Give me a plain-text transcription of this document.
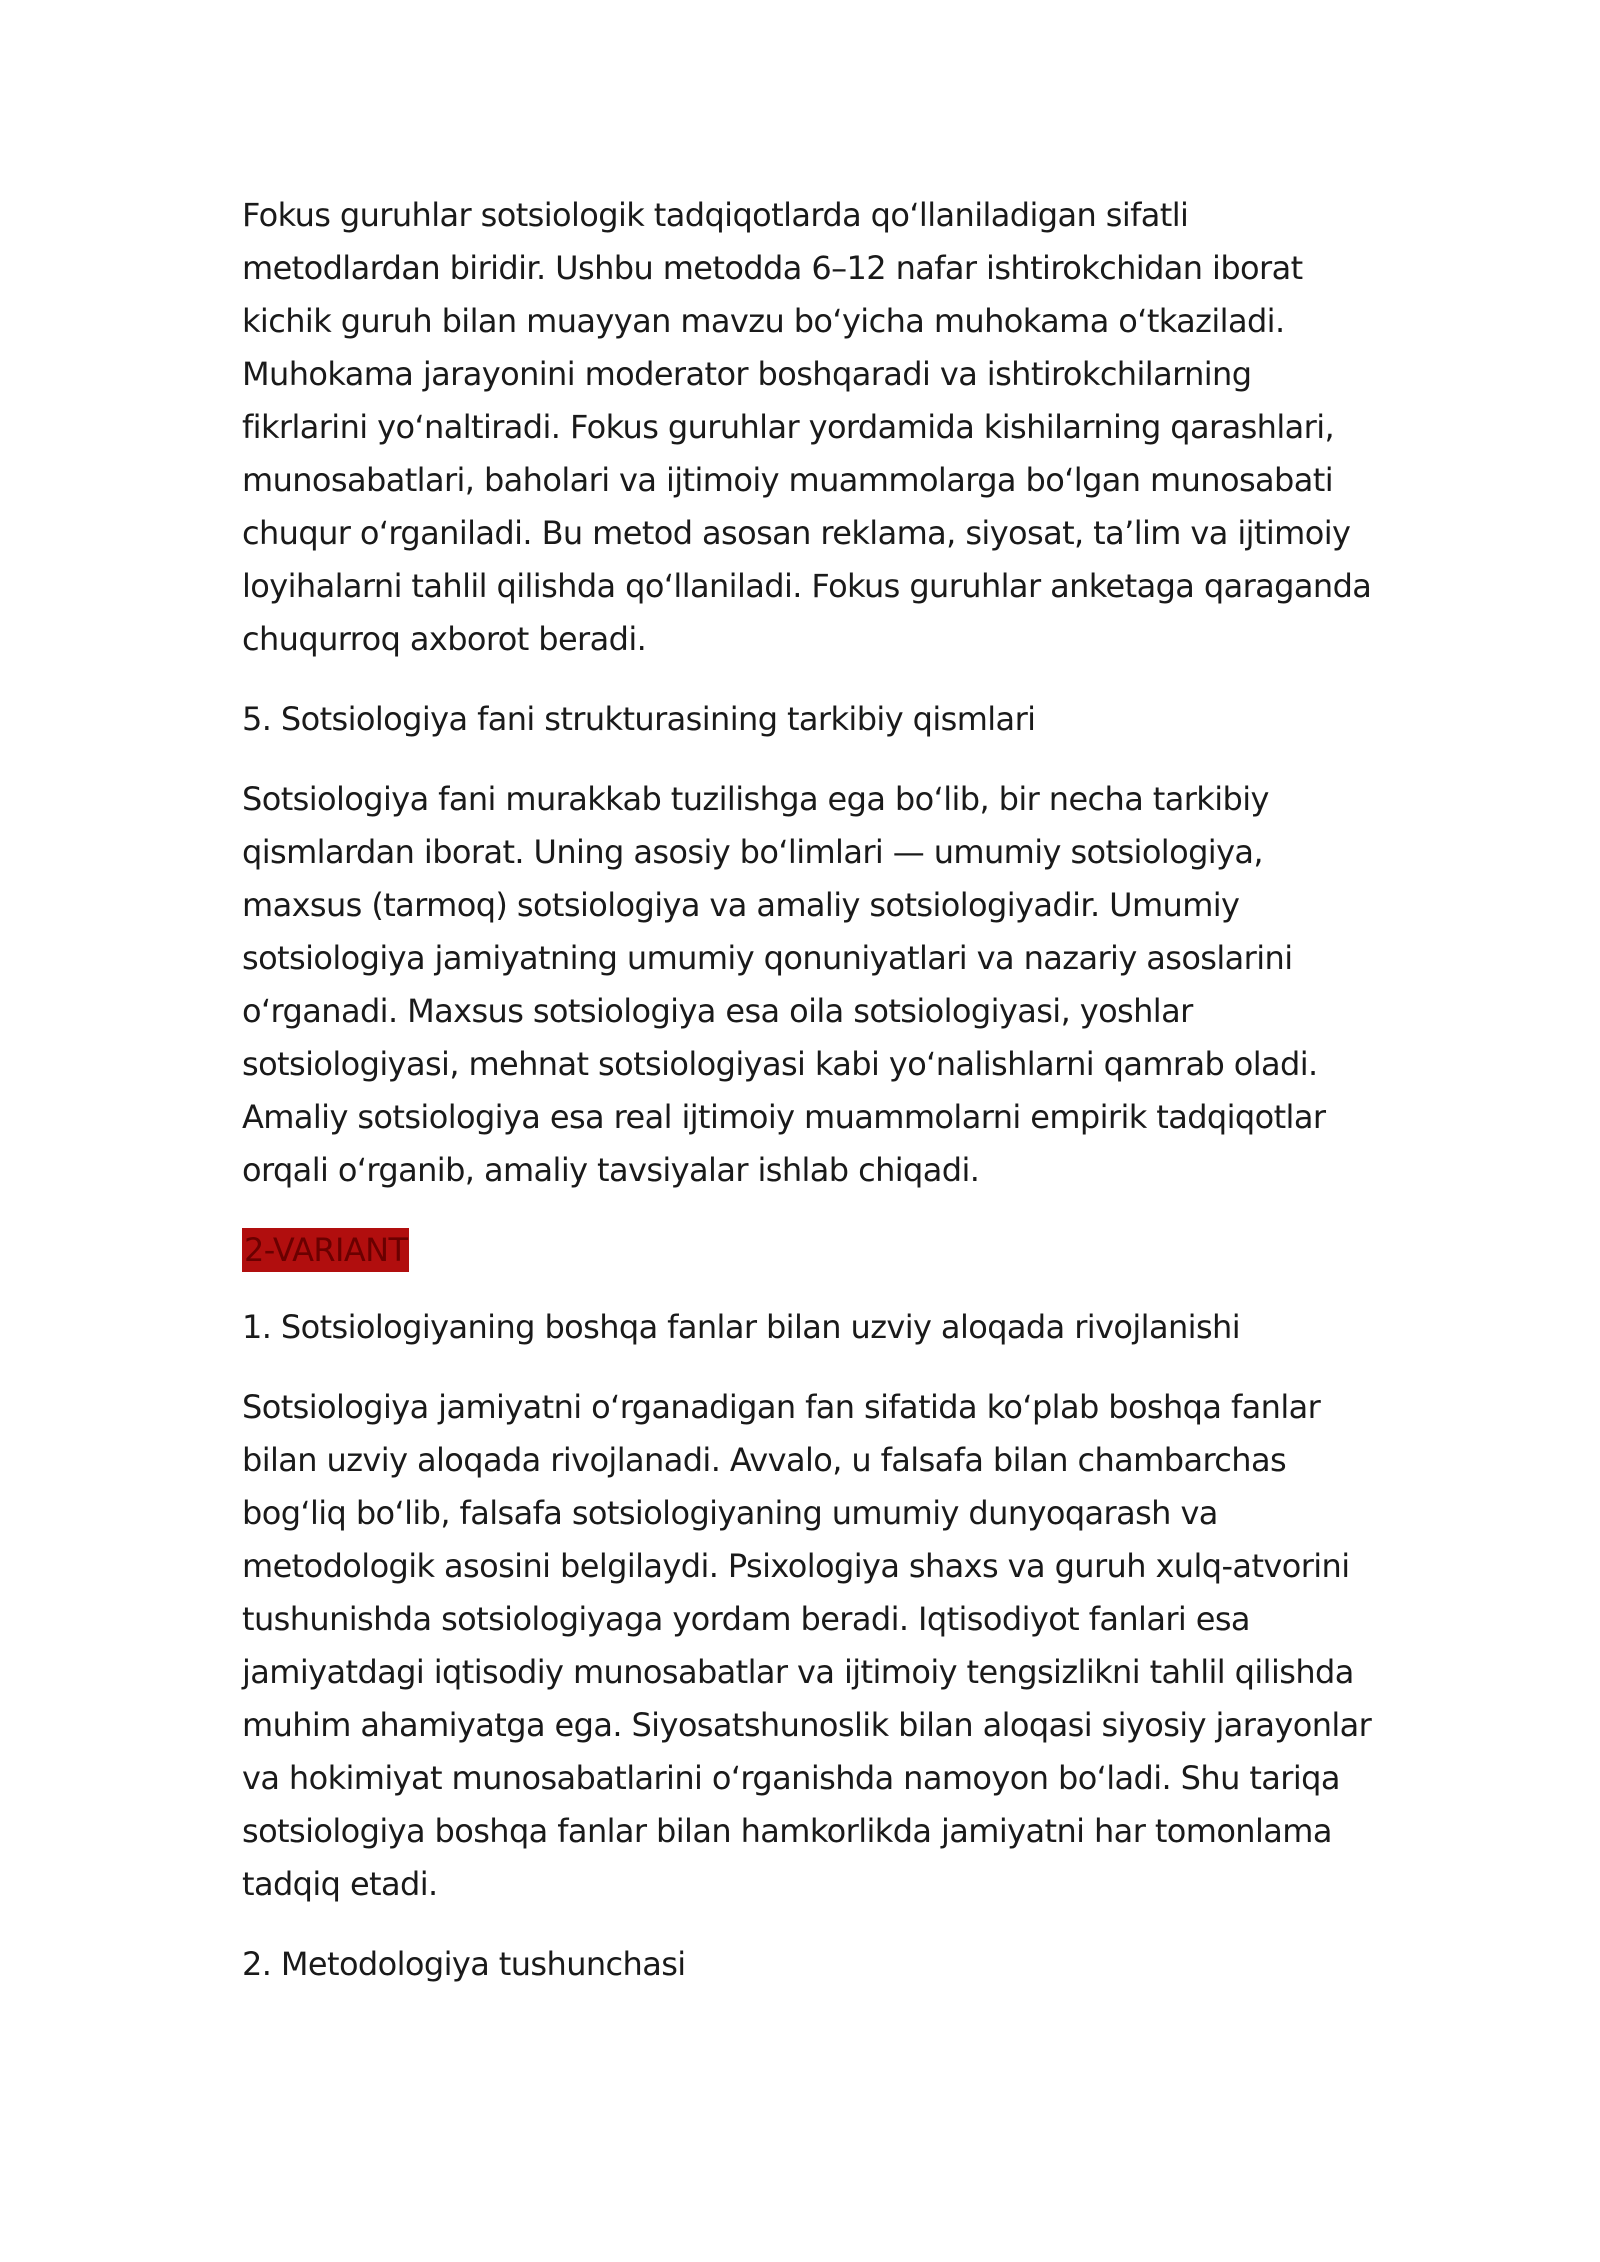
Fokus guruhlar sotsiologik tadqiqotlarda qoʻllaniladigan sifatli metodlardan biridir. Ushbu metodda 6–12 nafar ishtirokchidan iborat kichik guruh bilan muayyan mavzu boʻyicha muhokama oʻtkaziladi. Muhokama jarayonini moderator boshqaradi va ishtirokchilarning fikrlarini yoʻnaltiradi. Fokus guruhlar yordamida kishilarning qarashlari, munosabatlari, baholari va ijtimoiy muammolarga boʻlgan munosabati chuqur oʻrganiladi. Bu metod asosan reklama, siyosat, ta’lim va ijtimoiy loyihalarni tahlil qilishda qoʻllaniladi. Fokus guruhlar anketaga qaraganda chuqurroq axborot beradi.

5. Sotsiologiya fani strukturasining tarkibiy qismlari

Sotsiologiya fani murakkab tuzilishga ega boʻlib, bir necha tarkibiy qismlardan iborat. Uning asosiy boʻlimlari — umumiy sotsiologiya, maxsus (tarmoq) sotsiologiya va amaliy sotsiologiyadir. Umumiy sotsiologiya jamiyatning umumiy qonuniyatlari va nazariy asoslarini oʻrganadi. Maxsus sotsiologiya esa oila sotsiologiyasi, yoshlar sotsiologiyasi, mehnat sotsiologiyasi kabi yoʻnalishlarni qamrab oladi. Amaliy sotsiologiya esa real ijtimoiy muammolarni empirik tadqiqotlar orqali oʻrganib, amaliy tavsiyalar ishlab chiqadi.

2-VARIANT

1. Sotsiologiyaning boshqa fanlar bilan uzviy aloqada rivojlanishi

Sotsiologiya jamiyatni oʻrganadigan fan sifatida koʻplab boshqa fanlar bilan uzviy aloqada rivojlanadi. Avvalo, u falsafa bilan chambarchas bogʻliq boʻlib, falsafa sotsiologiyaning umumiy dunyoqarash va metodologik asosini belgilaydi. Psixologiya shaxs va guruh xulq-atvorini tushunishda sotsiologiyaga yordam beradi. Iqtisodiyot fanlari esa jamiyatdagi iqtisodiy munosabatlar va ijtimoiy tengsizlikni tahlil qilishda muhim ahamiyatga ega. Siyosatshunoslik bilan aloqasi siyosiy jarayonlar va hokimiyat munosabatlarini oʻrganishda namoyon boʻladi. Shu tariqa sotsiologiya boshqa fanlar bilan hamkorlikda jamiyatni har tomonlama tadqiq etadi.

2. Metodologiya tushunchasi
